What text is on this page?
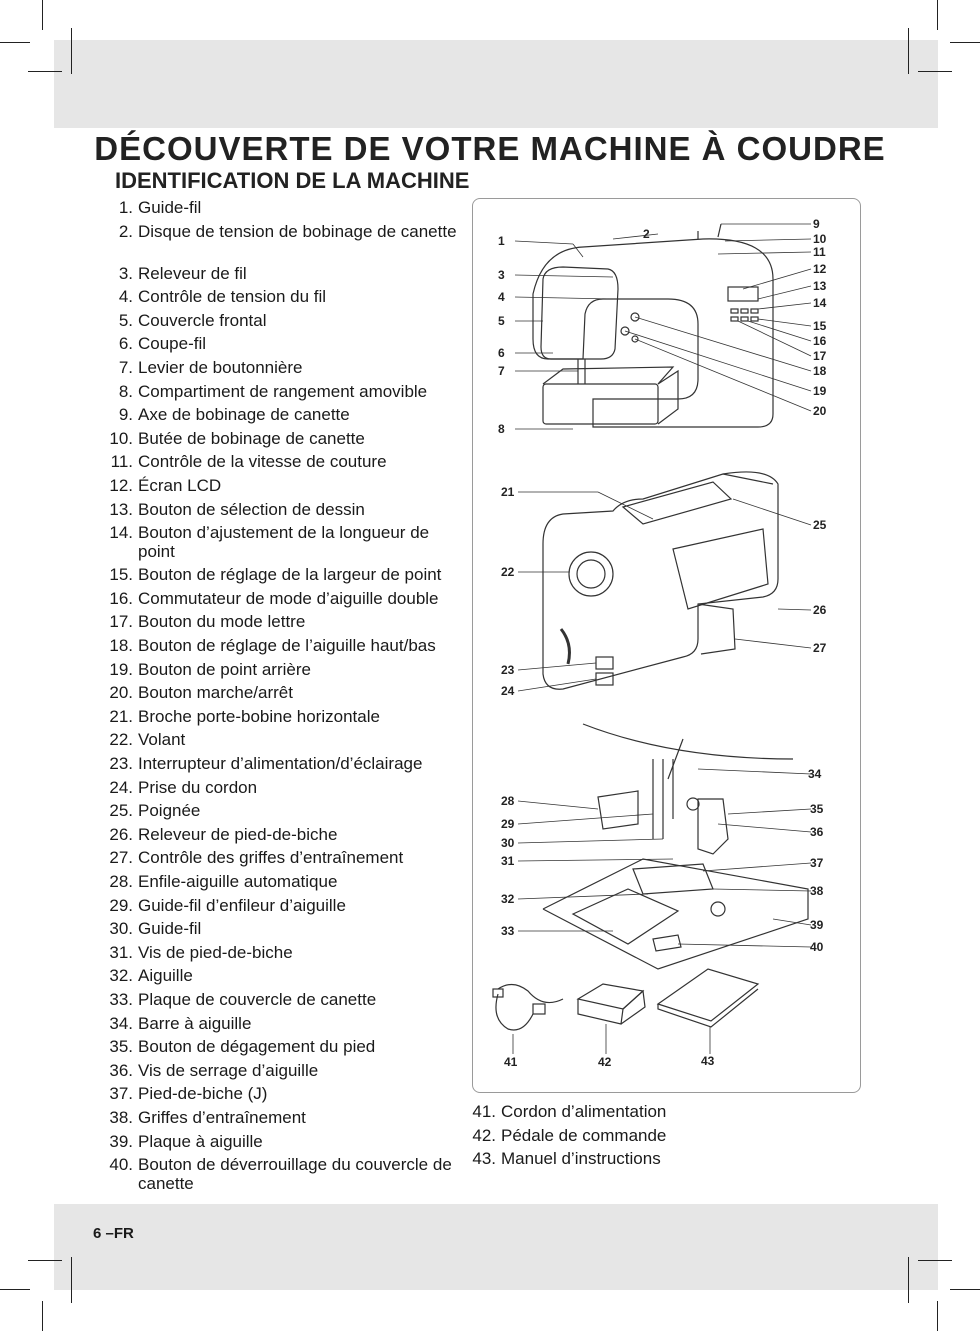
DÉCOUVERTE DE VOTRE MACHINE À COUDRE
IDENTIFICATION DE LA MACHINE
1. Guide-fil
2. Disque de tension de bobinage de canette
3. Releveur de fil
4. Contrôle de tension du fil
5. Couvercle frontal
6. Coupe-fil
7. Levier de boutonnière
8. Compartiment de rangement amovible
9. Axe de bobinage de canette
10. Butée de bobinage de canette
11. Contrôle de la vitesse de couture
12. Écran LCD
13. Bouton de sélection de dessin
14. Bouton d’ajustement de la longueur de point
15. Bouton de réglage de la largeur de point
16. Commutateur de mode d’aiguille double
17. Bouton du mode lettre
18. Bouton de réglage de l’aiguille haut/bas
19. Bouton de point arrière
20. Bouton marche/arrêt
21. Broche porte-bobine horizontale
22. Volant
23. Interrupteur d’alimentation/d’éclairage
24. Prise du cordon
25. Poignée
26. Releveur de pied-de-biche
27. Contrôle des griffes d’entraînement
28. Enfile-aiguille automatique
29. Guide-fil d’enfileur d’aiguille
30. Guide-fil
31. Vis de pied-de-biche
32. Aiguille
33. Plaque de couvercle de canette
34. Barre à aiguille
35. Bouton de dégagement du pied
36. Vis de serrage d’aiguille
37. Pied-de-biche (J)
38. Griffes d’entraînement
39. Plaque à aiguille
40. Bouton de déverrouillage du couvercle de canette
41. Cordon d’alimentation
42. Pédale de commande
43. Manuel d’instructions
1	2
3
4
5
6
7
8
9
10
11
12
13
14
15
16
17
18
19
20
21
22
23
24
25
26
27
28
29
30
31
32
33
34
35
36
37
38
39
40
41	42	43

6 –FR
